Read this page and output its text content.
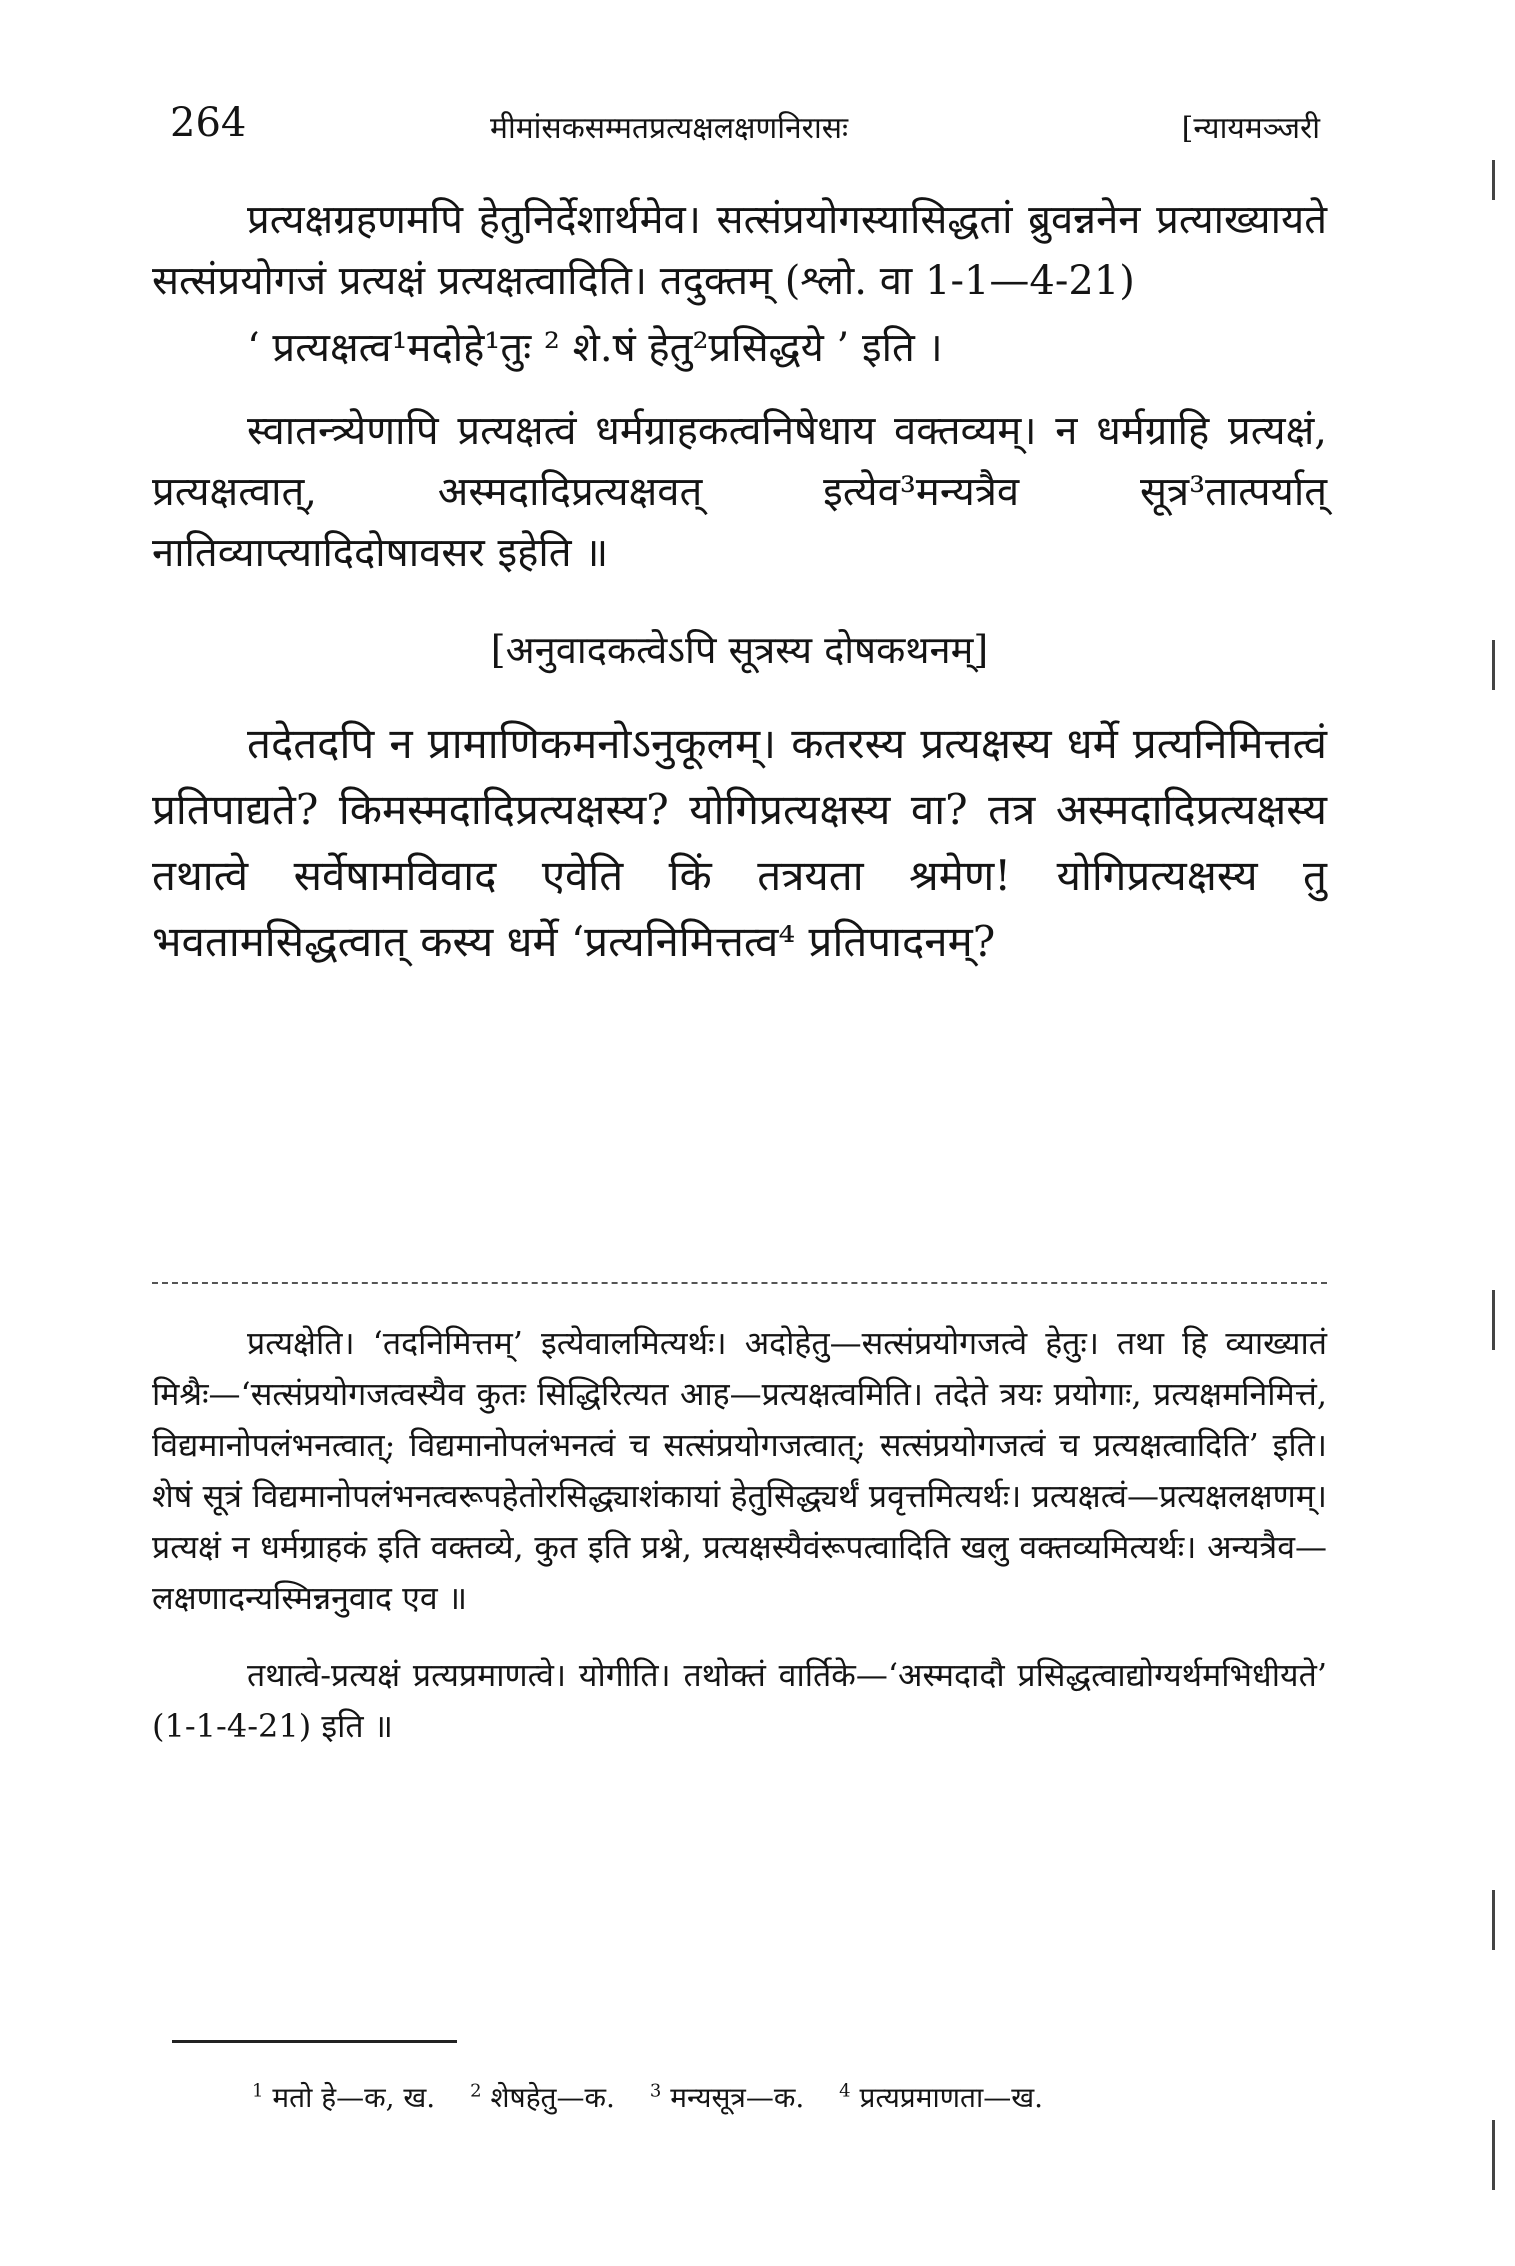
264	मीमांसकसम्मतप्रत्यक्षलक्षणनिरासः	[न्यायमञ्जरी

प्रत्यक्षग्रहणमपि हेतुनिर्देशार्थमेव। सत्संप्रयोगस्यासिद्धतां ब्रुवन्ननेन प्रत्याख्यायते सत्संप्रयोगजं प्रत्यक्षं प्रत्यक्षत्वादिति। तदुक्तम् (श्लो. वा 1-1—4-21)

‘ प्रत्यक्षत्व¹मदोहे¹तुः ² शे.षं हेतु²प्रसिद्धये ’ इति ।

स्वातन्त्र्येणापि प्रत्यक्षत्वं धर्मग्राहकत्वनिषेधाय वक्तव्यम्। न धर्मग्राहि प्रत्यक्षं, प्रत्यक्षत्वात्, अस्मदादिप्रत्यक्षवत् इत्येव³मन्यत्रैव सूत्र³तात्पर्यात् नातिव्याप्त्यादिदोषावसर इहेति ॥

[अनुवादकत्वेऽपि सूत्रस्य दोषकथनम्]

तदेतदपि न प्रामाणिकमनोऽनुकूलम्। कतरस्य प्रत्यक्षस्य धर्मे प्रत्यनिमित्तत्वं प्रतिपाद्यते? किमस्मदादिप्रत्यक्षस्य? योगिप्रत्यक्षस्य वा? तत्र अस्मदादिप्रत्यक्षस्य तथात्वे सर्वेषामविवाद एवेति किं तत्रयता श्रमेण! योगिप्रत्यक्षस्य तु भवतामसिद्धत्वात् कस्य धर्मे ‘प्रत्यनिमित्तत्व⁴ प्रतिपादनम्?

प्रत्यक्षेति। ‘तदनिमित्तम्’ इत्येवालमित्यर्थः। अदोहेतु—सत्संप्रयोगजत्वे हेतुः। तथा हि व्याख्यातं मिश्रैः—‘सत्संप्रयोगजत्वस्यैव कुतः सिद्धिरित्यत आह—प्रत्यक्षत्वमिति। तदेते त्रयः प्रयोगाः, प्रत्यक्षमनिमित्तं, विद्यमानोपलंभनत्वात्; विद्यमानोपलंभनत्वं च सत्संप्रयोगजत्वात्; सत्संप्रयोगजत्वं च प्रत्यक्षत्वादिति’ इति। शेषं सूत्रं विद्यमानोपलंभनत्वरूपहेतोरसिद्ध्याशंकायां हेतुसिद्ध्यर्थं प्रवृत्तमित्यर्थः। प्रत्यक्षत्वं—प्रत्यक्षलक्षणम्। प्रत्यक्षं न धर्मग्राहकं इति वक्तव्ये, कुत इति प्रश्ने, प्रत्यक्षस्यैवंरूपत्वादिति खलु वक्तव्यमित्यर्थः। अन्यत्रैव—लक्षणादन्यस्मिन्ननुवाद एव ॥

तथात्वे-प्रत्यक्षं प्रत्यप्रमाणत्वे। योगीति। तथोक्तं वार्तिके—‘अस्मदादौ प्रसिद्धत्वाद्योग्यर्थमभिधीयते’ (1-1-4-21) इति ॥

$^1$ मतो हे—क, ख. $^2$ शेषहेतु—क. $^3$ मन्यसूत्र—क. $^4$ प्रत्यप्रमाणता—ख.
